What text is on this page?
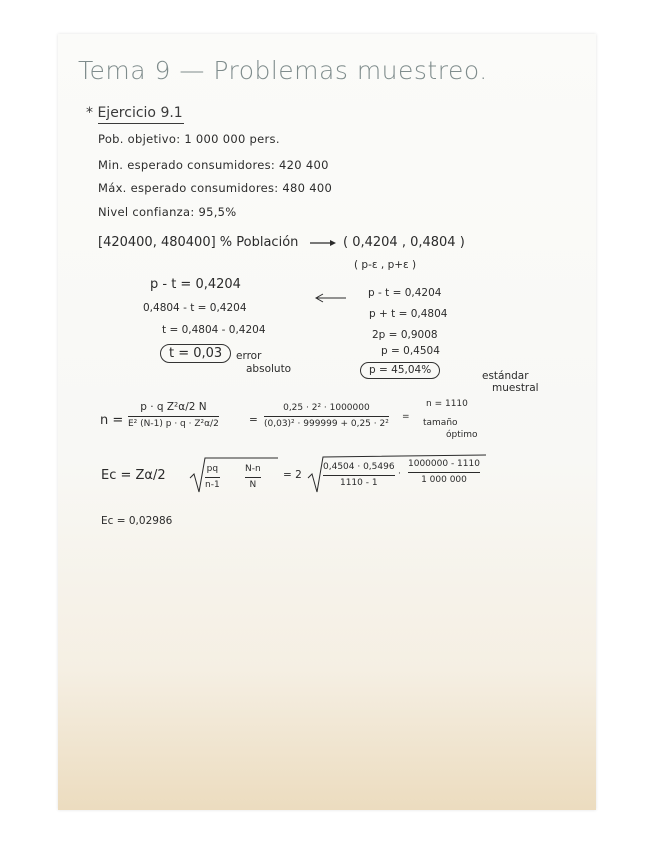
Tema 9 — Problemas muestreo.
* Ejercicio 9.1
Pob. objetivo: 1 000 000 pers.
Min. esperado consumidores: 420 400
Máx. esperado consumidores: 480 400
Nivel confianza: 95,5%
[420400, 480400] % Población	( 0,4204 , 0,4804 )
( p-ε , p+ε )
p - t = 0,4204
0,4804 - t = 0,4204
t = 0,4804 - 0,4204
t = 0,03	error
absoluto
p - t = 0,4204
p + t = 0,4804
2p = 0,9008
p = 0,4504
p = 45,04%	estándar
muestral
n =
p · q Z²α/2 N
E² (N-1) p · q · Z²α/2	=
0,25 · 2² · 1000000
(0,03)² · 999999 + 0,25 · 2²
=
n = 1110
tamaño
óptimo
Ec = Zα/2	pq
n-1
N-n
N
= 2
0,4504 · 0,5496
1110 - 1
·
1000000 - 1110
1 000 000
Ec = 0,02986
